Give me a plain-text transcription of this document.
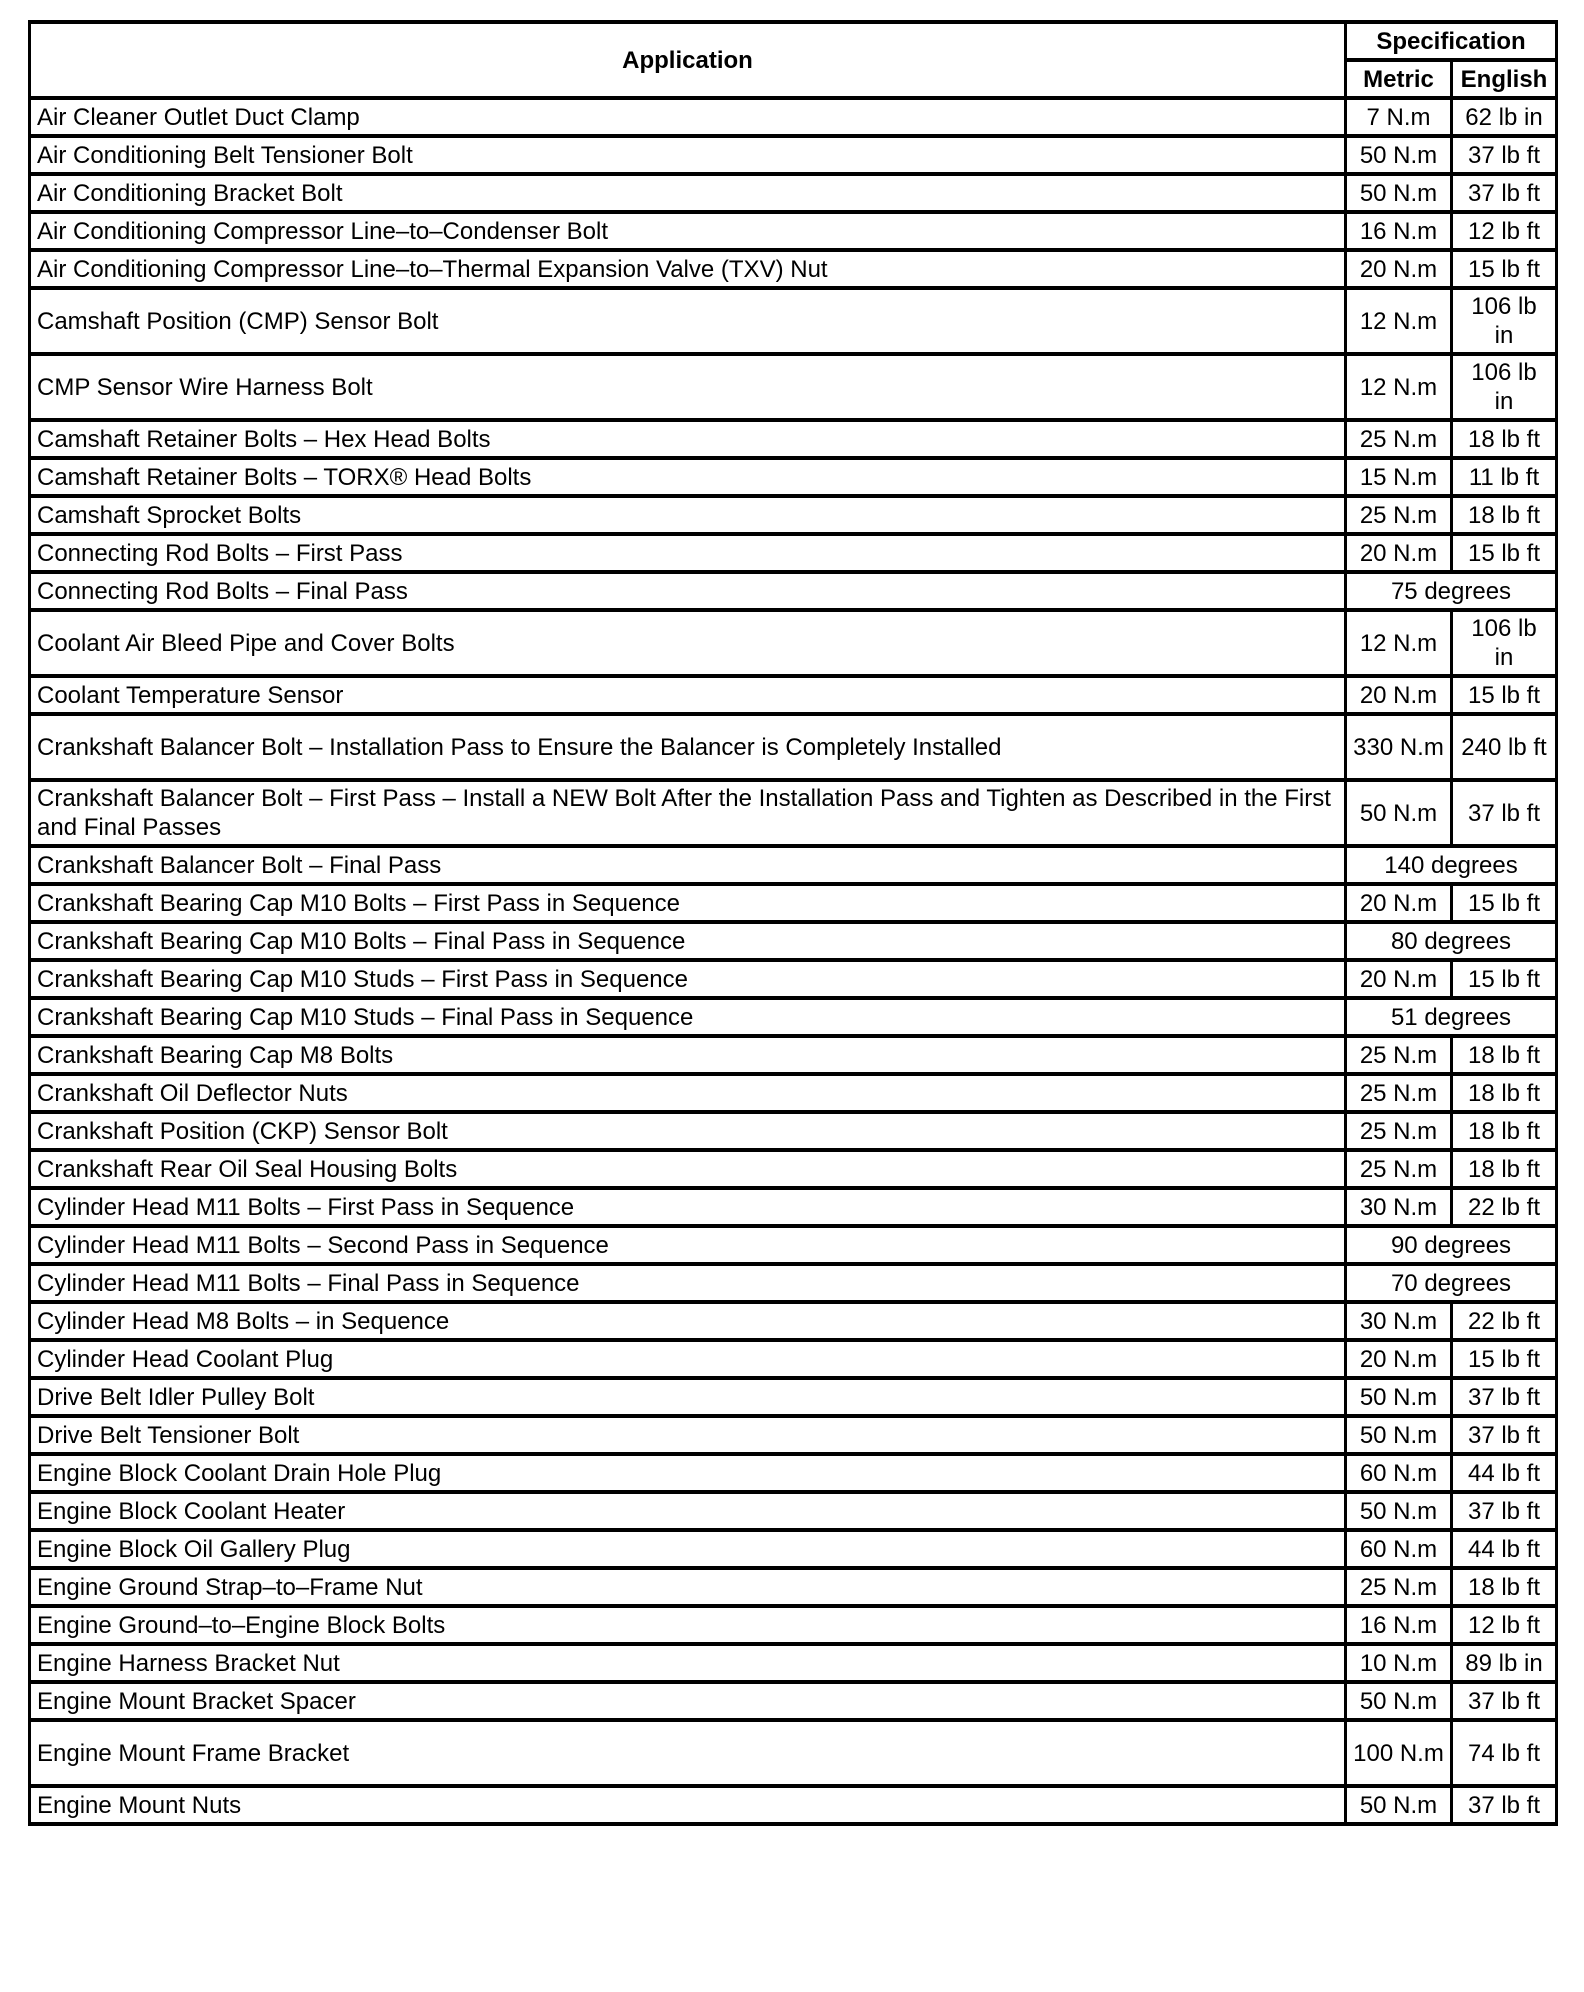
Application	Specification	
	Metric	English
Air Cleaner Outlet Duct Clamp	7 N.m	62 lb in
Air Conditioning Belt Tensioner Bolt	50 N.m	37 lb ft
Air Conditioning Bracket Bolt	50 N.m	37 lb ft
Air Conditioning Compressor Line–to–Condenser Bolt	16 N.m	12 lb ft
Air Conditioning Compressor Line–to–Thermal Expansion Valve (TXV) Nut	20 N.m	15 lb ft
Camshaft Position (CMP) Sensor Bolt	12 N.m	106 lb in
CMP Sensor Wire Harness Bolt	12 N.m	106 lb in
Camshaft Retainer Bolts – Hex Head Bolts	25 N.m	18 lb ft
Camshaft Retainer Bolts – TORX® Head Bolts	15 N.m	11 lb ft
Camshaft Sprocket Bolts	25 N.m	18 lb ft
Connecting Rod Bolts – First Pass	20 N.m	15 lb ft
Connecting Rod Bolts – Final Pass	75 degrees	
Coolant Air Bleed Pipe and Cover Bolts	12 N.m	106 lb in
Coolant Temperature Sensor	20 N.m	15 lb ft
Crankshaft Balancer Bolt – Installation Pass to Ensure the Balancer is Completely Installed	330 N.m	240 lb ft
Crankshaft Balancer Bolt – First Pass – Install a NEW Bolt After the Installation Pass and Tighten as Described in the First and Final Passes	50 N.m	37 lb ft
Crankshaft Balancer Bolt – Final Pass	140 degrees	
Crankshaft Bearing Cap M10 Bolts – First Pass in Sequence	20 N.m	15 lb ft
Crankshaft Bearing Cap M10 Bolts – Final Pass in Sequence	80 degrees	
Crankshaft Bearing Cap M10 Studs – First Pass in Sequence	20 N.m	15 lb ft
Crankshaft Bearing Cap M10 Studs – Final Pass in Sequence	51 degrees	
Crankshaft Bearing Cap M8 Bolts	25 N.m	18 lb ft
Crankshaft Oil Deflector Nuts	25 N.m	18 lb ft
Crankshaft Position (CKP) Sensor Bolt	25 N.m	18 lb ft
Crankshaft Rear Oil Seal Housing Bolts	25 N.m	18 lb ft
Cylinder Head M11 Bolts – First Pass in Sequence	30 N.m	22 lb ft
Cylinder Head M11 Bolts – Second Pass in Sequence	90 degrees	
Cylinder Head M11 Bolts – Final Pass in Sequence	70 degrees	
Cylinder Head M8 Bolts – in Sequence	30 N.m	22 lb ft
Cylinder Head Coolant Plug	20 N.m	15 lb ft
Drive Belt Idler Pulley Bolt	50 N.m	37 lb ft
Drive Belt Tensioner Bolt	50 N.m	37 lb ft
Engine Block Coolant Drain Hole Plug	60 N.m	44 lb ft
Engine Block Coolant Heater	50 N.m	37 lb ft
Engine Block Oil Gallery Plug	60 N.m	44 lb ft
Engine Ground Strap–to–Frame Nut	25 N.m	18 lb ft
Engine Ground–to–Engine Block Bolts	16 N.m	12 lb ft
Engine Harness Bracket Nut	10 N.m	89 lb in
Engine Mount Bracket Spacer	50 N.m	37 lb ft
Engine Mount Frame Bracket	100 N.m	74 lb ft
Engine Mount Nuts	50 N.m	37 lb ft
